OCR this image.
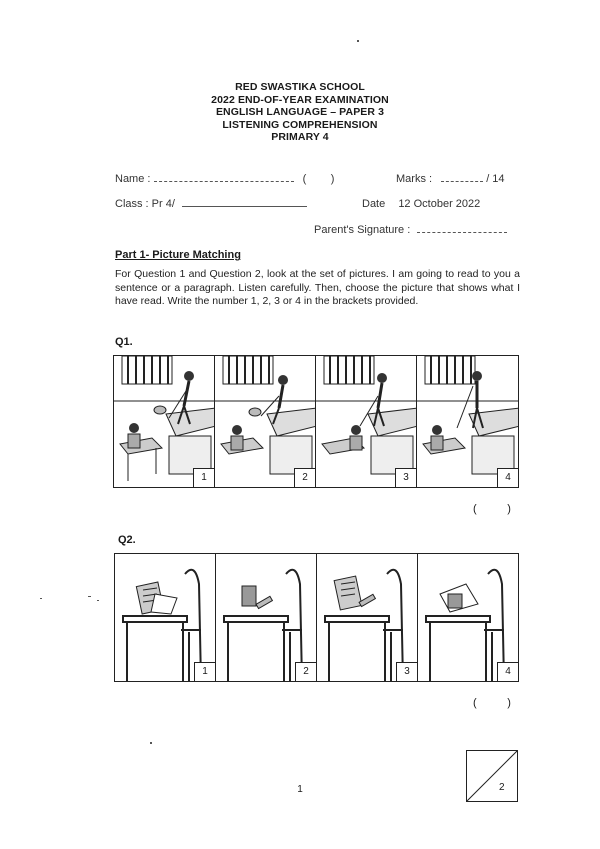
RED SWASTIKA SCHOOL
2022 END-OF-YEAR EXAMINATION
ENGLISH LANGUAGE – PAPER 3
LISTENING COMPREHENSION
PRIMARY 4
Name :	(        )	Marks :	/ 14
Class : Pr 4/	Date 12 October 2022
Parent's Signature :
Part 1- Picture Matching
For Question 1 and Question 2, look at the set of pictures. I am going to read to you a sentence or a paragraph. Listen carefully. Then, choose the picture that shows what I have read. Write the number 1, 2, 3 or 4 in the brackets provided.
Q1.
1	2	3	4
(          )
Q2.
1	2	3	4
(          )
1	2
